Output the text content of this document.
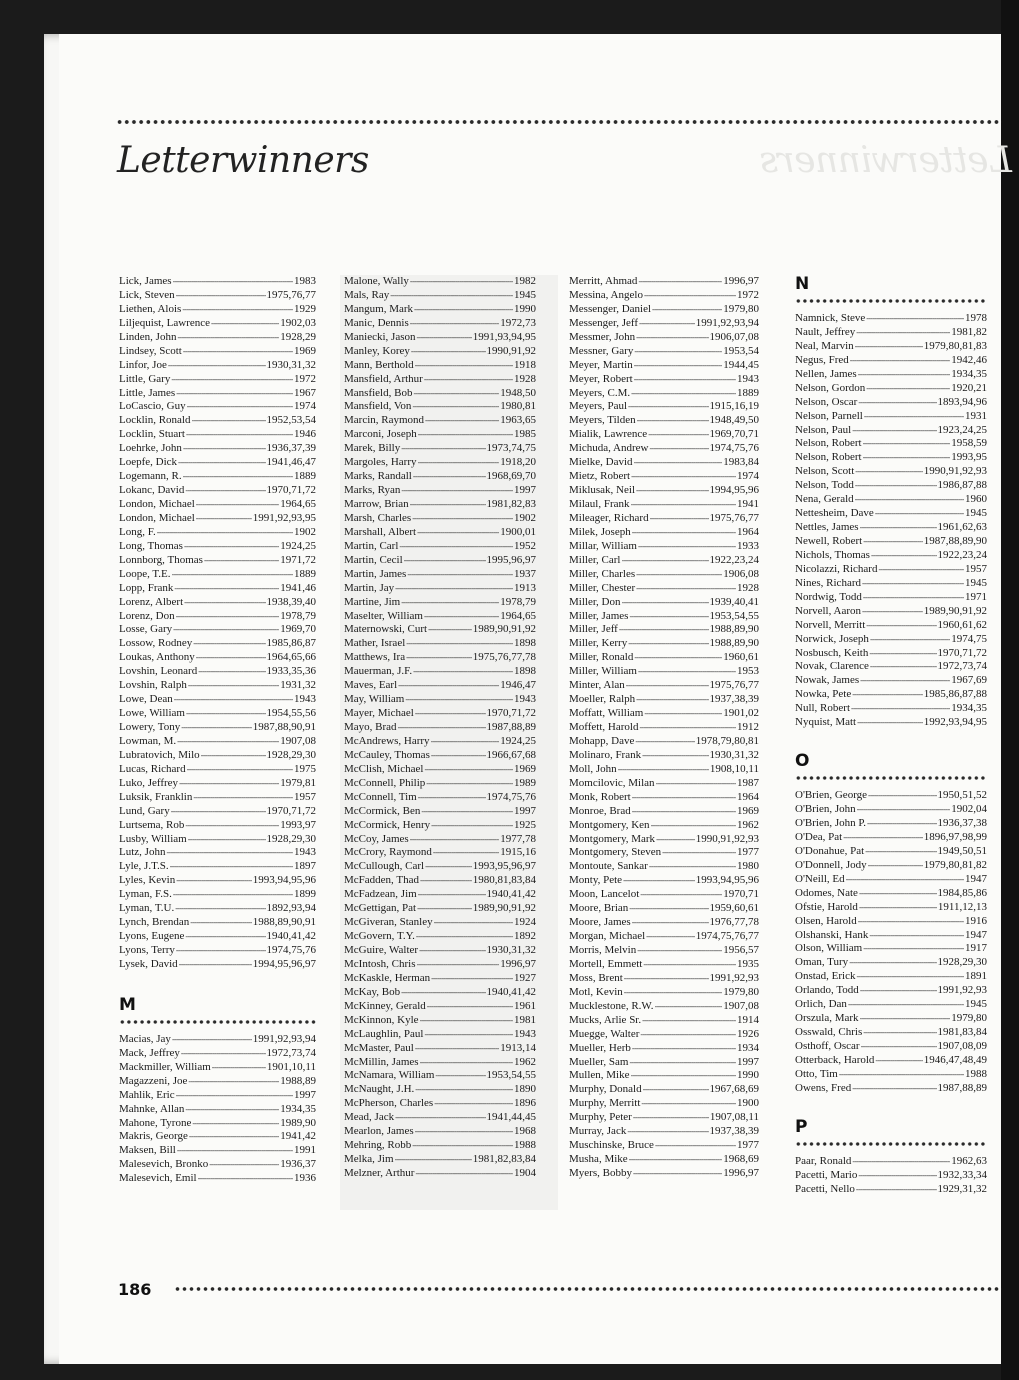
Letterwinners	Letterwinners
Lick, James -----	1983
Lick, Steven -----	1975,76,77
Liethen, Alois -----	1929
Liljequist, Lawrence -----	1902,03
Linden, John -----	1928,29
Lindsey, Scott -----	1969
Linfor, Joe -----	1930,31,32
Little, Gary -----	1972
Little, James -----	1967
LoCascio, Guy -----	1974
Locklin, Ronald -----	1952,53,54
Locklin, Stuart -----	1946
Loehrke, John -----	1936,37,39
Loepfe, Dick -----	1941,46,47
Logemann, R. -----	1889
Lokanc, David -----	1970,71,72
London, Michael -----	1964,65
London, Michael -----	1991,92,93,95
Long, F. -----	1902
Long, Thomas -----	1924,25
Lonnborg, Thomas -----	1971,72
Loope, T.E. -----	1889
Lopp, Frank -----	1941,46
Lorenz, Albert -----	1938,39,40
Lorenz, Don -----	1978,79
Losse, Gary -----	1969,70
Lossow, Rodney -----	1985,86,87
Loukas, Anthony -----	1964,65,66
Lovshin, Leonard -----	1933,35,36
Lovshin, Ralph -----	1931,32
Lowe, Dean -----	1943
Lowe, William -----	1954,55,56
Lowery, Tony -----	1987,88,90,91
Lowman, M. -----	1907,08
Lubratovich, Milo -----	1928,29,30
Lucas, Richard -----	1975
Luko, Jeffrey -----	1979,81
Luksik, Franklin -----	1957
Lund, Gary -----	1970,71,72
Lurtsema, Rob -----	1993,97
Lusby, William -----	1928,29,30
Lutz, John -----	1943
Lyle, J.T.S. -----	1897
Lyles, Kevin -----	1993,94,95,96
Lyman, F.S. -----	1899
Lyman, T.U. -----	1892,93,94
Lynch, Brendan -----	1988,89,90,91
Lyons, Eugene -----	1940,41,42
Lyons, Terry -----	1974,75,76
Lysek, David -----	1994,95,96,97
M
Macias, Jay -----	1991,92,93,94
Mack, Jeffrey -----	1972,73,74
Mackmiller, William -----	1901,10,11
Magazzeni, Joe -----	1988,89
Mahlik, Eric -----	1997
Mahnke, Allan -----	1934,35
Mahone, Tyrone -----	1989,90
Makris, George -----	1941,42
Maksen, Bill -----	1991
Malesevich, Bronko -----	1936,37
Malesevich, Emil -----	1936
Malone, Wally -----	1982
Mals, Ray -----	1945
Mangum, Mark -----	1990
Manic, Dennis -----	1972,73
Maniecki, Jason -----	1991,93,94,95
Manley, Korey -----	1990,91,92
Mann, Berthold -----	1918
Mansfield, Arthur -----	1928
Mansfield, Bob -----	1948,50
Mansfield, Von -----	1980,81
Marcin, Raymond -----	1963,65
Marconi, Joseph -----	1985
Marek, Billy -----	1973,74,75
Margoles, Harry -----	1918,20
Marks, Randall -----	1968,69,70
Marks, Ryan -----	1997
Marrow, Brian -----	1981,82,83
Marsh, Charles -----	1902
Marshall, Albert -----	1900,01
Martin, Carl -----	1952
Martin, Cecil -----	1995,96,97
Martin, James -----	1937
Martin, Jay -----	1913
Martine, Jim -----	1978,79
Maselter, William -----	1964,65
Maternowski, Curt -----	1989,90,91,92
Mather, Israel -----	1898
Matthews, Ira -----	1975,76,77,78
Mauerman, J.F. -----	1898
Maves, Earl -----	1946,47
May, William -----	1943
Mayer, Michael -----	1970,71,72
Mayo, Brad -----	1987,88,89
McAndrews, Harry -----	1924,25
McCauley, Thomas -----	1966,67,68
McClish, Michael -----	1969
McConnell, Philip -----	1989
McConnell, Tim -----	1974,75,76
McCormick, Ben -----	1997
McCormick, Henry -----	1925
McCoy, James -----	1977,78
McCrory, Raymond -----	1915,16
McCullough, Carl -----	1993,95,96,97
McFadden, Thad -----	1980,81,83,84
McFadzean, Jim -----	1940,41,42
McGettigan, Pat -----	1989,90,91,92
McGiveran, Stanley -----	1924
McGovern, T.Y. -----	1892
McGuire, Walter -----	1930,31,32
McIntosh, Chris -----	1996,97
McKaskle, Herman -----	1927
McKay, Bob -----	1940,41,42
McKinney, Gerald -----	1961
McKinnon, Kyle -----	1981
McLaughlin, Paul -----	1943
McMaster, Paul -----	1913,14
McMillin, James -----	1962
McNamara, William -----	1953,54,55
McNaught, J.H. -----	1890
McPherson, Charles -----	1896
Mead, Jack -----	1941,44,45
Mearlon, James -----	1968
Mehring, Robb -----	1988
Melka, Jim -----	1981,82,83,84
Melzner, Arthur -----	1904
Merritt, Ahmad -----	1996,97
Messina, Angelo -----	1972
Messenger, Daniel -----	1979,80
Messenger, Jeff -----	1991,92,93,94
Messmer, John -----	1906,07,08
Messner, Gary -----	1953,54
Meyer, Martin -----	1944,45
Meyer, Robert -----	1943
Meyers, C.M. -----	1889
Meyers, Paul -----	1915,16,19
Meyers, Tilden -----	1948,49,50
Mialik, Lawrence -----	1969,70,71
Michuda, Andrew -----	1974,75,76
Mielke, David -----	1983,84
Mietz, Robert -----	1974
Miklusak, Neil -----	1994,95,96
Milaul, Frank -----	1941
Mileager, Richard -----	1975,76,77
Milek, Joseph -----	1964
Millar, William -----	1933
Miller, Carl -----	1922,23,24
Miller, Charles -----	1906,08
Miller, Chester -----	1928
Miller, Don -----	1939,40,41
Miller, James -----	1953,54,55
Miller, Jeff -----	1988,89,90
Miller, Kerry -----	1988,89,90
Miller, Ronald -----	1960,61
Miller, William -----	1953
Minter, Alan -----	1975,76,77
Moeller, Ralph -----	1937,38,39
Moffatt, William -----	1901,02
Moffett, Harold -----	1912
Mohapp, Dave -----	1978,79,80,81
Molinaro, Frank -----	1930,31,32
Moll, John -----	1908,10,11
Momcilovic, Milan -----	1987
Monk, Robert -----	1964
Monroe, Brad -----	1969
Montgomery, Ken -----	1962
Montgomery, Mark -----	1990,91,92,93
Montgomery, Steven -----	1977
Montoute, Sankar -----	1980
Monty, Pete -----	1993,94,95,96
Moon, Lancelot -----	1970,71
Moore, Brian -----	1959,60,61
Moore, James -----	1976,77,78
Morgan, Michael -----	1974,75,76,77
Morris, Melvin -----	1956,57
Mortell, Emmett -----	1935
Moss, Brent -----	1991,92,93
Motl, Kevin -----	1979,80
Mucklestone, R.W. -----	1907,08
Mucks, Arlie Sr. -----	1914
Muegge, Walter -----	1926
Mueller, Herb -----	1934
Mueller, Sam -----	1997
Mullen, Mike -----	1990
Murphy, Donald -----	1967,68,69
Murphy, Merritt -----	1900
Murphy, Peter -----	1907,08,11
Murray, Jack -----	1937,38,39
Muschinske, Bruce -----	1977
Musha, Mike -----	1968,69
Myers, Bobby -----	1996,97
N
Namnick, Steve -----	1978
Nault, Jeffrey -----	1981,82
Neal, Marvin -----	1979,80,81,83
Negus, Fred -----	1942,46
Nellen, James -----	1934,35
Nelson, Gordon -----	1920,21
Nelson, Oscar -----	1893,94,96
Nelson, Parnell -----	1931
Nelson, Paul -----	1923,24,25
Nelson, Robert -----	1958,59
Nelson, Robert -----	1993,95
Nelson, Scott -----	1990,91,92,93
Nelson, Todd -----	1986,87,88
Nena, Gerald -----	1960
Nettesheim, Dave -----	1945
Nettles, James -----	1961,62,63
Newell, Robert -----	1987,88,89,90
Nichols, Thomas -----	1922,23,24
Nicolazzi, Richard -----	1957
Nines, Richard -----	1945
Nordwig, Todd -----	1971
Norvell, Aaron -----	1989,90,91,92
Norvell, Merritt -----	1960,61,62
Norwick, Joseph -----	1974,75
Nosbusch, Keith -----	1970,71,72
Novak, Clarence -----	1972,73,74
Nowak, James -----	1967,69
Nowka, Pete -----	1985,86,87,88
Null, Robert -----	1934,35
Nyquist, Matt -----	1992,93,94,95
O
O'Brien, George -----	1950,51,52
O'Brien, John -----	1902,04
O'Brien, John P. -----	1936,37,38
O'Dea, Pat -----	1896,97,98,99
O'Donahue, Pat -----	1949,50,51
O'Donnell, Jody -----	1979,80,81,82
O'Neill, Ed -----	1947
Odomes, Nate -----	1984,85,86
Ofstie, Harold -----	1911,12,13
Olsen, Harold -----	1916
Olshanski, Hank -----	1947
Olson, William -----	1917
Oman, Tury -----	1928,29,30
Onstad, Erick -----	1891
Orlando, Todd -----	1991,92,93
Orlich, Dan -----	1945
Orszula, Mark -----	1979,80
Osswald, Chris -----	1981,83,84
Osthoff, Oscar -----	1907,08,09
Otterback, Harold -----	1946,47,48,49
Otto, Tim -----	1988
Owens, Fred -----	1987,88,89
P
Paar, Ronald -----	1962,63
Pacetti, Mario -----	1932,33,34
Pacetti, Nello -----	1929,31,32
186
